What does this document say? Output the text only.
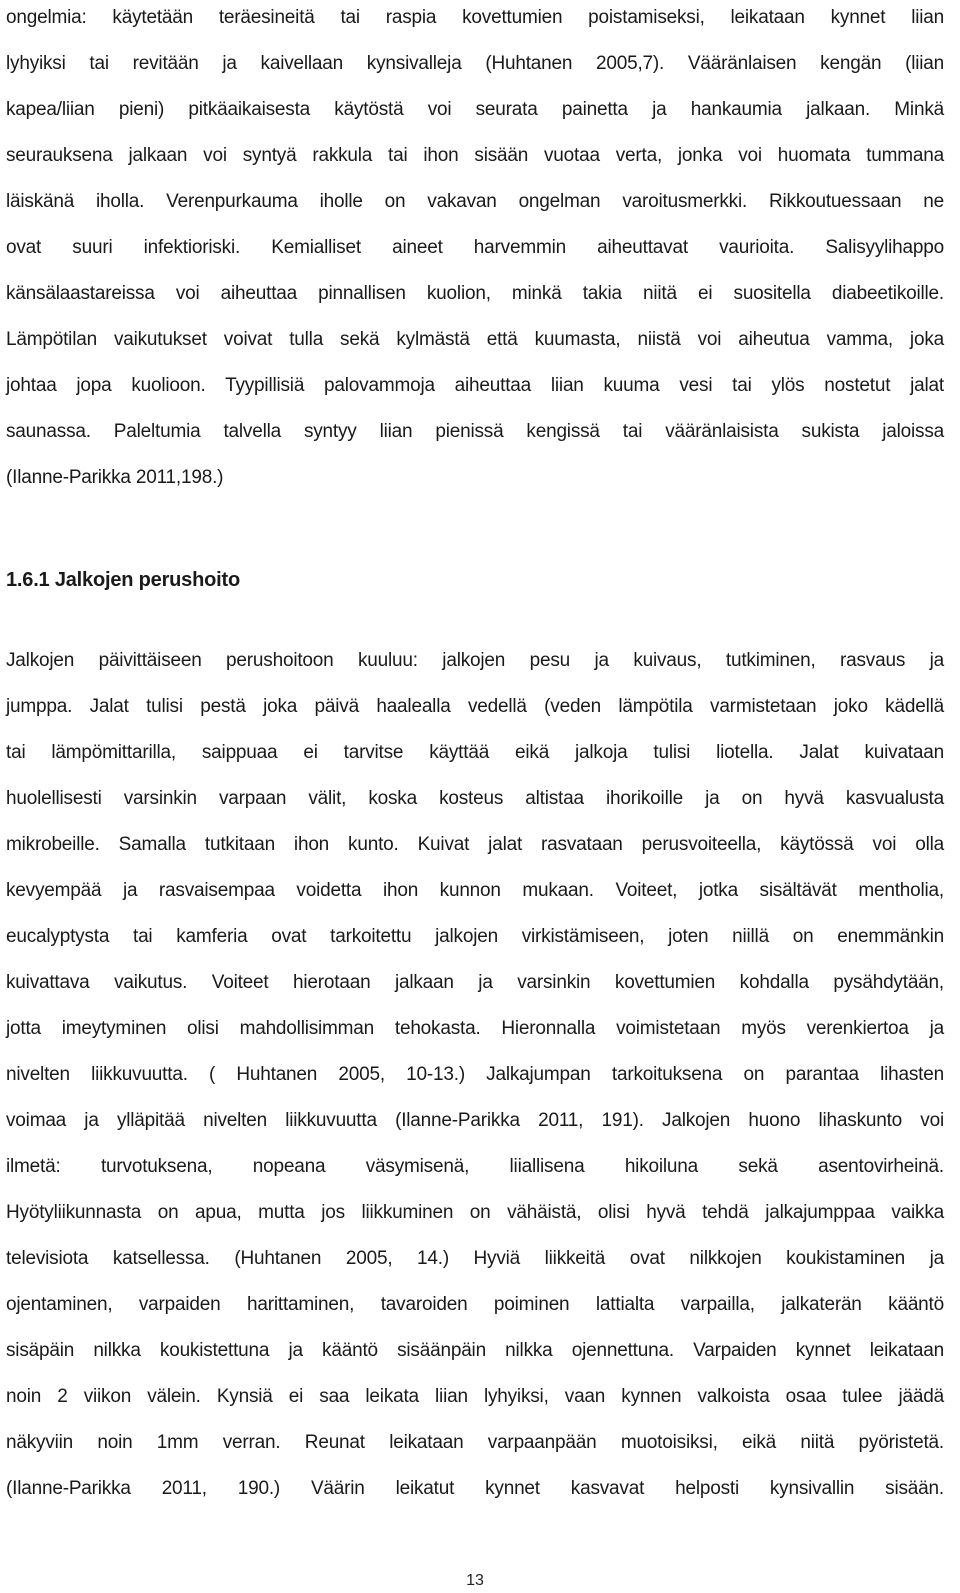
ongelmia: käytetään teräesineitä tai raspia kovettumien poistamiseksi, leikataan kynnet liian
lyhyiksi tai revitään ja kaivellaan kynsivalleja (Huhtanen 2005,7). Vääränlaisen kengän (liian
kapea/liian pieni) pitkäaikaisesta käytöstä voi seurata painetta ja hankaumia jalkaan. Minkä
seurauksena jalkaan voi syntyä rakkula tai ihon sisään vuotaa verta, jonka voi huomata tummana
läiskänä iholla. Verenpurkauma iholle on vakavan ongelman varoitusmerkki. Rikkoutuessaan ne
ovat suuri infektioriski. Kemialliset aineet harvemmin aiheuttavat vaurioita. Salisyylihappo
känsälaastareissa voi aiheuttaa pinnallisen kuolion, minkä takia niitä ei suositella diabeetikoille.
Lämpötilan vaikutukset voivat tulla sekä kylmästä että kuumasta, niistä voi aiheutua vamma, joka
johtaa jopa kuolioon. Tyypillisiä palovammoja aiheuttaa liian kuuma vesi tai ylös nostetut jalat
saunassa. Paleltumia talvella syntyy liian pienissä kengissä tai vääränlaisista sukista jaloissa
(Ilanne-Parikka 2011,198.)
1.6.1 Jalkojen perushoito
Jalkojen päivittäiseen perushoitoon kuuluu: jalkojen pesu ja kuivaus, tutkiminen, rasvaus ja
jumppa. Jalat tulisi pestä joka päivä haalealla vedellä (veden lämpötila varmistetaan joko kädellä
tai lämpömittarilla, saippuaa ei tarvitse käyttää eikä jalkoja tulisi liotella. Jalat kuivataan
huolellisesti varsinkin varpaan välit, koska kosteus altistaa ihorikoille ja on hyvä kasvualusta
mikrobeille. Samalla tutkitaan ihon kunto. Kuivat jalat rasvataan perusvoiteella, käytössä voi olla
kevyempää ja rasvaisempaa voidetta ihon kunnon mukaan. Voiteet, jotka sisältävät mentholia,
eucalyptysta tai kamferia ovat tarkoitettu jalkojen virkistämiseen, joten niillä on enemmänkin
kuivattava vaikutus. Voiteet hierotaan jalkaan ja varsinkin kovettumien kohdalla pysähdytään,
jotta imeytyminen olisi mahdollisimman tehokasta. Hieronnalla voimistetaan myös verenkiertoa ja
nivelten liikkuvuutta. ( Huhtanen 2005, 10-13.) Jalkajumpan tarkoituksena on parantaa lihasten
voimaa ja ylläpitää nivelten liikkuvuutta (Ilanne-Parikka 2011, 191). Jalkojen huono lihaskunto voi
ilmetä: turvotuksena, nopeana väsymisenä, liiallisena hikoiluna sekä asentovirheinä.
Hyötyliikunnasta on apua, mutta jos liikkuminen on vähäistä, olisi hyvä tehdä jalkajumppaa vaikka
televisiota katsellessa. (Huhtanen 2005, 14.) Hyviä liikkeitä ovat nilkkojen koukistaminen ja
ojentaminen, varpaiden harittaminen, tavaroiden poiminen lattialta varpailla, jalkaterän kääntö
sisäpäin nilkka koukistettuna ja kääntö sisäänpäin nilkka ojennettuna. Varpaiden kynnet leikataan
noin 2 viikon välein. Kynsiä ei saa leikata liian lyhyiksi, vaan kynnen valkoista osaa tulee jäädä
näkyviin noin 1mm verran. Reunat leikataan varpaanpään muotoisiksi, eikä niitä pyöristetä.
(Ilanne-Parikka 2011, 190.) Väärin leikatut kynnet kasvavat helposti kynsivallin sisään.
13
